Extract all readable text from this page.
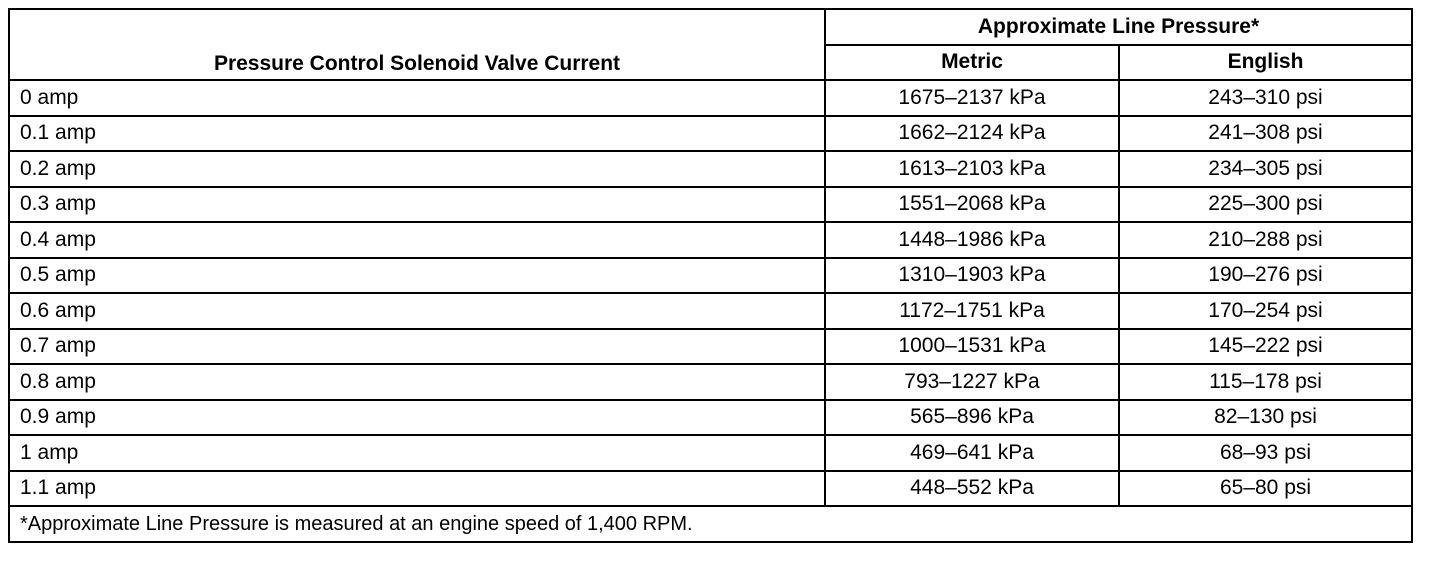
Pressure Control Solenoid Valve Current	Approximate Line Pressure*	
	Metric	English
0 amp	1675–2137 kPa	243–310 psi
0.1 amp	1662–2124 kPa	241–308 psi
0.2 amp	1613–2103 kPa	234–305 psi
0.3 amp	1551–2068 kPa	225–300 psi
0.4 amp	1448–1986 kPa	210–288 psi
0.5 amp	1310–1903 kPa	190–276 psi
0.6 amp	1172–1751 kPa	170–254 psi
0.7 amp	1000–1531 kPa	145–222 psi
0.8 amp	793–1227 kPa	115–178 psi
0.9 amp	565–896 kPa	82–130 psi
1 amp	469–641 kPa	68–93 psi
1.1 amp	448–552 kPa	65–80 psi
*Approximate Line Pressure is measured at an engine speed of 1,400 RPM.		
